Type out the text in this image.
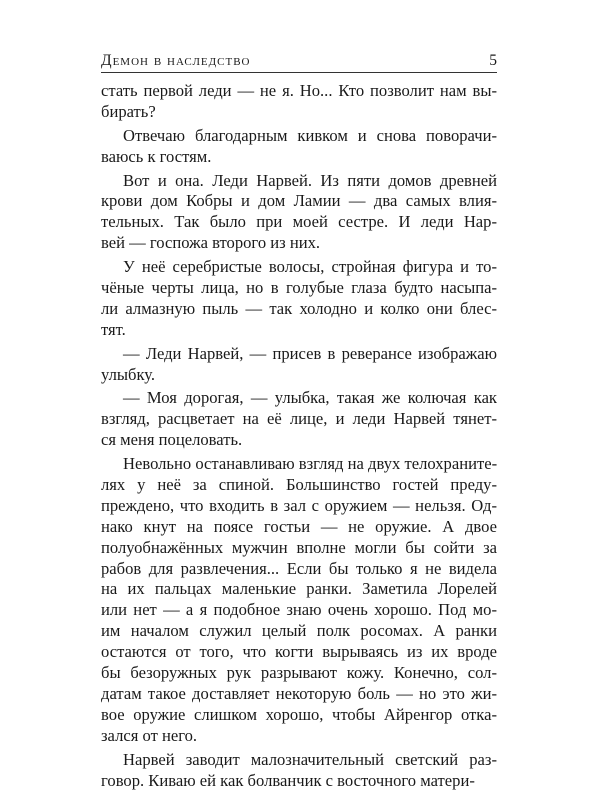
Демон в наследство	5

стать первой леди — не я. Но... Кто позволит нам вы-
бирать?

Отвечаю благодарным кивком и снова поворачи-
ваюсь к гостям.

Вот и она. Леди Нарвей. Из пяти домов древней
крови дом Кобры и дом Ламии — два самых влия-
тельных. Так было при моей сестре. И леди Нар-
вей — госпожа второго из них.

У неё серебристые волосы, стройная фигура и то-
чёные черты лица, но в голубые глаза будто насыпа-
ли алмазную пыль — так холодно и колко они блес-
тят.

— Леди Нарвей, — присев в реверансе изображаю
улыбку.

— Моя дорогая, — улыбка, такая же колючая как
взгляд, расцветает на её лице, и леди Нарвей тянет-
ся меня поцеловать.

Невольно останавливаю взгляд на двух телохраните-
лях у неё за спиной. Большинство гостей преду-
преждено, что входить в зал с оружием — нельзя. Од-
нако кнут на поясе гостьи — не оружие. А двое
полуобнажённых мужчин вполне могли бы сойти за
рабов для развлечения... Если бы только я не видела
на их пальцах маленькие ранки. Заметила Лорелей
или нет — а я подобное знаю очень хорошо. Под мо-
им началом служил целый полк росомах. А ранки
остаются от того, что когти вырываясь из их вроде
бы безоружных рук разрывают кожу. Конечно, сол-
датам такое доставляет некоторую боль — но это жи-
вое оружие слишком хорошо, чтобы Айренгор отка-
зался от него.

Нарвей заводит малозначительный светский раз-
говор. Киваю ей как болванчик с восточного матери-
